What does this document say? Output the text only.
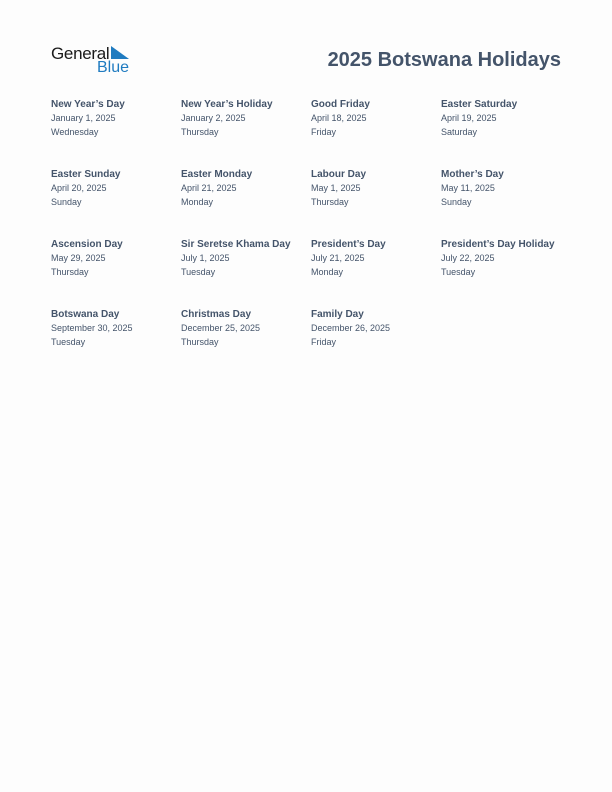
General
Blue	2025 Botswana Holidays
New Year’s Day
January 1, 2025
Wednesday
New Year’s Holiday
January 2, 2025
Thursday
Good Friday
April 18, 2025
Friday
Easter Saturday
April 19, 2025
Saturday
Easter Sunday
April 20, 2025
Sunday
Easter Monday
April 21, 2025
Monday
Labour Day
May 1, 2025
Thursday
Mother’s Day
May 11, 2025
Sunday
Ascension Day
May 29, 2025
Thursday
Sir Seretse Khama Day
July 1, 2025
Tuesday
President’s Day
July 21, 2025
Monday
President’s Day Holiday
July 22, 2025
Tuesday
Botswana Day
September 30, 2025
Tuesday
Christmas Day
December 25, 2025
Thursday
Family Day
December 26, 2025
Friday
